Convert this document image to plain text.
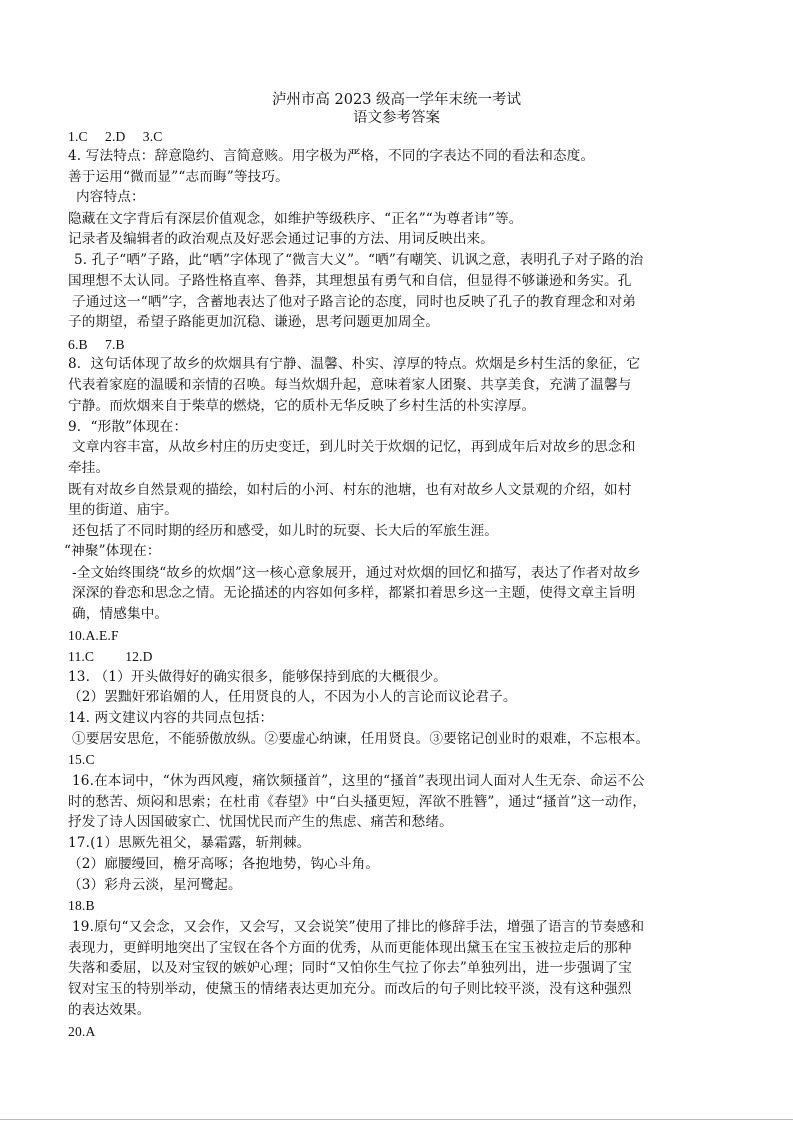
泸州市高 2023 级高一学年末统一考试
语文参考答案
1.C　 2.D　 3.C
4. 写法特点：辞意隐约、言简意赅。用字极为严格，不同的字表达不同的看法和态度。
善于运用“微而显”“志而晦”等技巧。
内容特点：
隐藏在文字背后有深层价值观念，如维护等级秩序、“正名”“为尊者讳”等。
记录者及编辑者的政治观点及好恶会通过记事的方法、用词反映出来。
5. 孔子“哂”子路，此“哂”字体现了“微言大义”。“哂”有嘲笑、讥讽之意，表明孔子对子路的治
国理想不太认同。子路性格直率、鲁莽，其理想虽有勇气和自信，但显得不够谦逊和务实。孔
子通过这一“哂”字，含蓄地表达了他对子路言论的态度，同时也反映了孔子的教育理念和对弟
子的期望，希望子路能更加沉稳、谦逊，思考问题更加周全。
6.B　 7.B
8．这句话体现了故乡的炊烟具有宁静、温馨、朴实、淳厚的特点。炊烟是乡村生活的象征，它
代表着家庭的温暖和亲情的召唤。每当炊烟升起，意味着家人团聚、共享美食，充满了温馨与
宁静。而炊烟来自于柴草的燃烧，它的质朴无华反映了乡村生活的朴实淳厚。
9．“形散”体现在：
文章内容丰富，从故乡村庄的历史变迁，到儿时关于炊烟的记忆，再到成年后对故乡的思念和
牵挂。
既有对故乡自然景观的描绘，如村后的小河、村东的池塘，也有对故乡人文景观的介绍，如村
里的街道、庙宇。
还包括了不同时期的经历和感受，如儿时的玩耍、长大后的军旅生涯。
“神聚”体现在：
-全文始终围绕“故乡的炊烟”这一核心意象展开，通过对炊烟的回忆和描写，表达了作者对故乡
深深的眷恋和思念之情。无论描述的内容如何多样，都紧扣着思乡这一主题，使得文章主旨明
确，情感集中。
10.A.E.F
11.C　　 12.D
13. （1）开头做得好的确实很多，能够保持到底的大概很少。
（2）罢黜奸邪谄媚的人，任用贤良的人，不因为小人的言论而议论君子。
14. 两文建议内容的共同点包括：
①要居安思危，不能骄傲放纵。②要虚心纳谏，任用贤良。③要铭记创业时的艰难，不忘根本。
15.C
16.在本词中，“休为西风瘦，痛饮频搔首”，这里的“搔首”表现出词人面对人生无奈、命运不公
时的愁苦、烦闷和思索；在杜甫《春望》中“白头搔更短，浑欲不胜簪”，通过“搔首”这一动作，
抒发了诗人因国破家亡、忧国忧民而产生的焦虑、痛苦和愁绪。
17.(1）思厥先祖父，暴霜露，斩荆棘。
（2）廊腰缦回，檐牙高啄；各抱地势，钩心斗角。
（3）彩舟云淡，星河鹭起。
18.B
19.原句“又会念，又会作，又会写，又会说笑”使用了排比的修辞手法，增强了语言的节奏感和
表现力，更鲜明地突出了宝钗在各个方面的优秀，从而更能体现出黛玉在宝玉被拉走后的那种
失落和委屈，以及对宝钗的嫉妒心理；同时“又怕你生气拉了你去”单独列出，进一步强调了宝
钗对宝玉的特别举动，使黛玉的情绪表达更加充分。而改后的句子则比较平淡，没有这种强烈
的表达效果。
20.A
